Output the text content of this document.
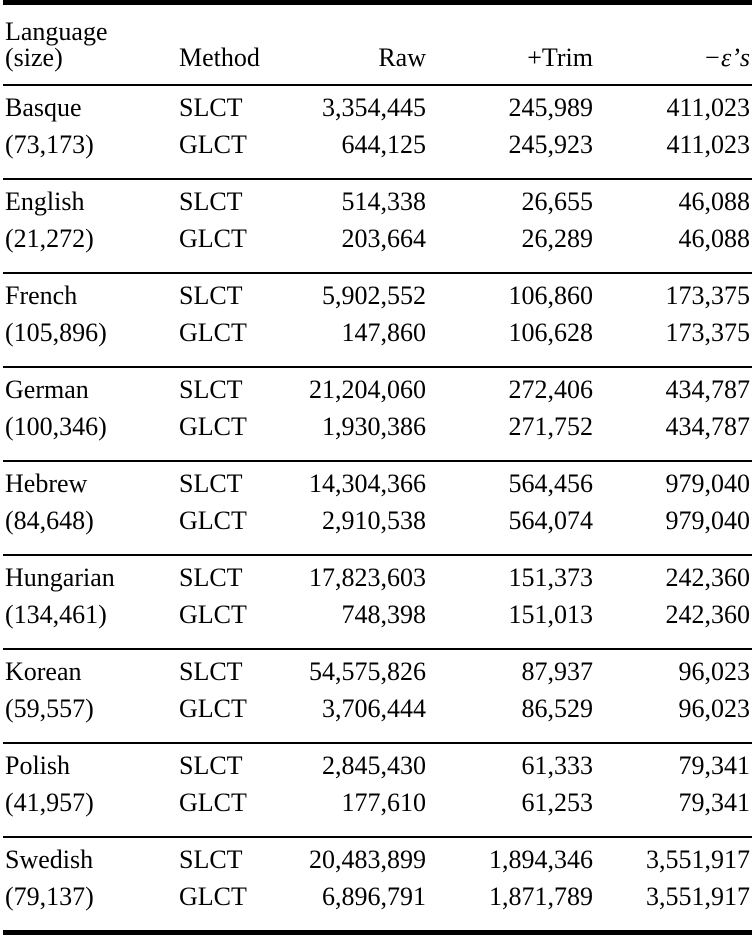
Language
(size)	Method	Raw	+Trim	−ε’s

Basque	SLCT	3,354,445	245,989	411,023
(73,173)	GLCT	644,125	245,923	411,023

English	SLCT	514,338	26,655	46,088
(21,272)	GLCT	203,664	26,289	46,088

French	SLCT	5,902,552	106,860	173,375
(105,896)	GLCT	147,860	106,628	173,375

German	SLCT	21,204,060	272,406	434,787
(100,346)	GLCT	1,930,386	271,752	434,787

Hebrew	SLCT	14,304,366	564,456	979,040
(84,648)	GLCT	2,910,538	564,074	979,040

Hungarian	SLCT	17,823,603	151,373	242,360
(134,461)	GLCT	748,398	151,013	242,360

Korean	SLCT	54,575,826	87,937	96,023
(59,557)	GLCT	3,706,444	86,529	96,023

Polish	SLCT	2,845,430	61,333	79,341
(41,957)	GLCT	177,610	61,253	79,341

Swedish	SLCT	20,483,899	1,894,346	3,551,917
(79,137)	GLCT	6,896,791	1,871,789	3,551,917
